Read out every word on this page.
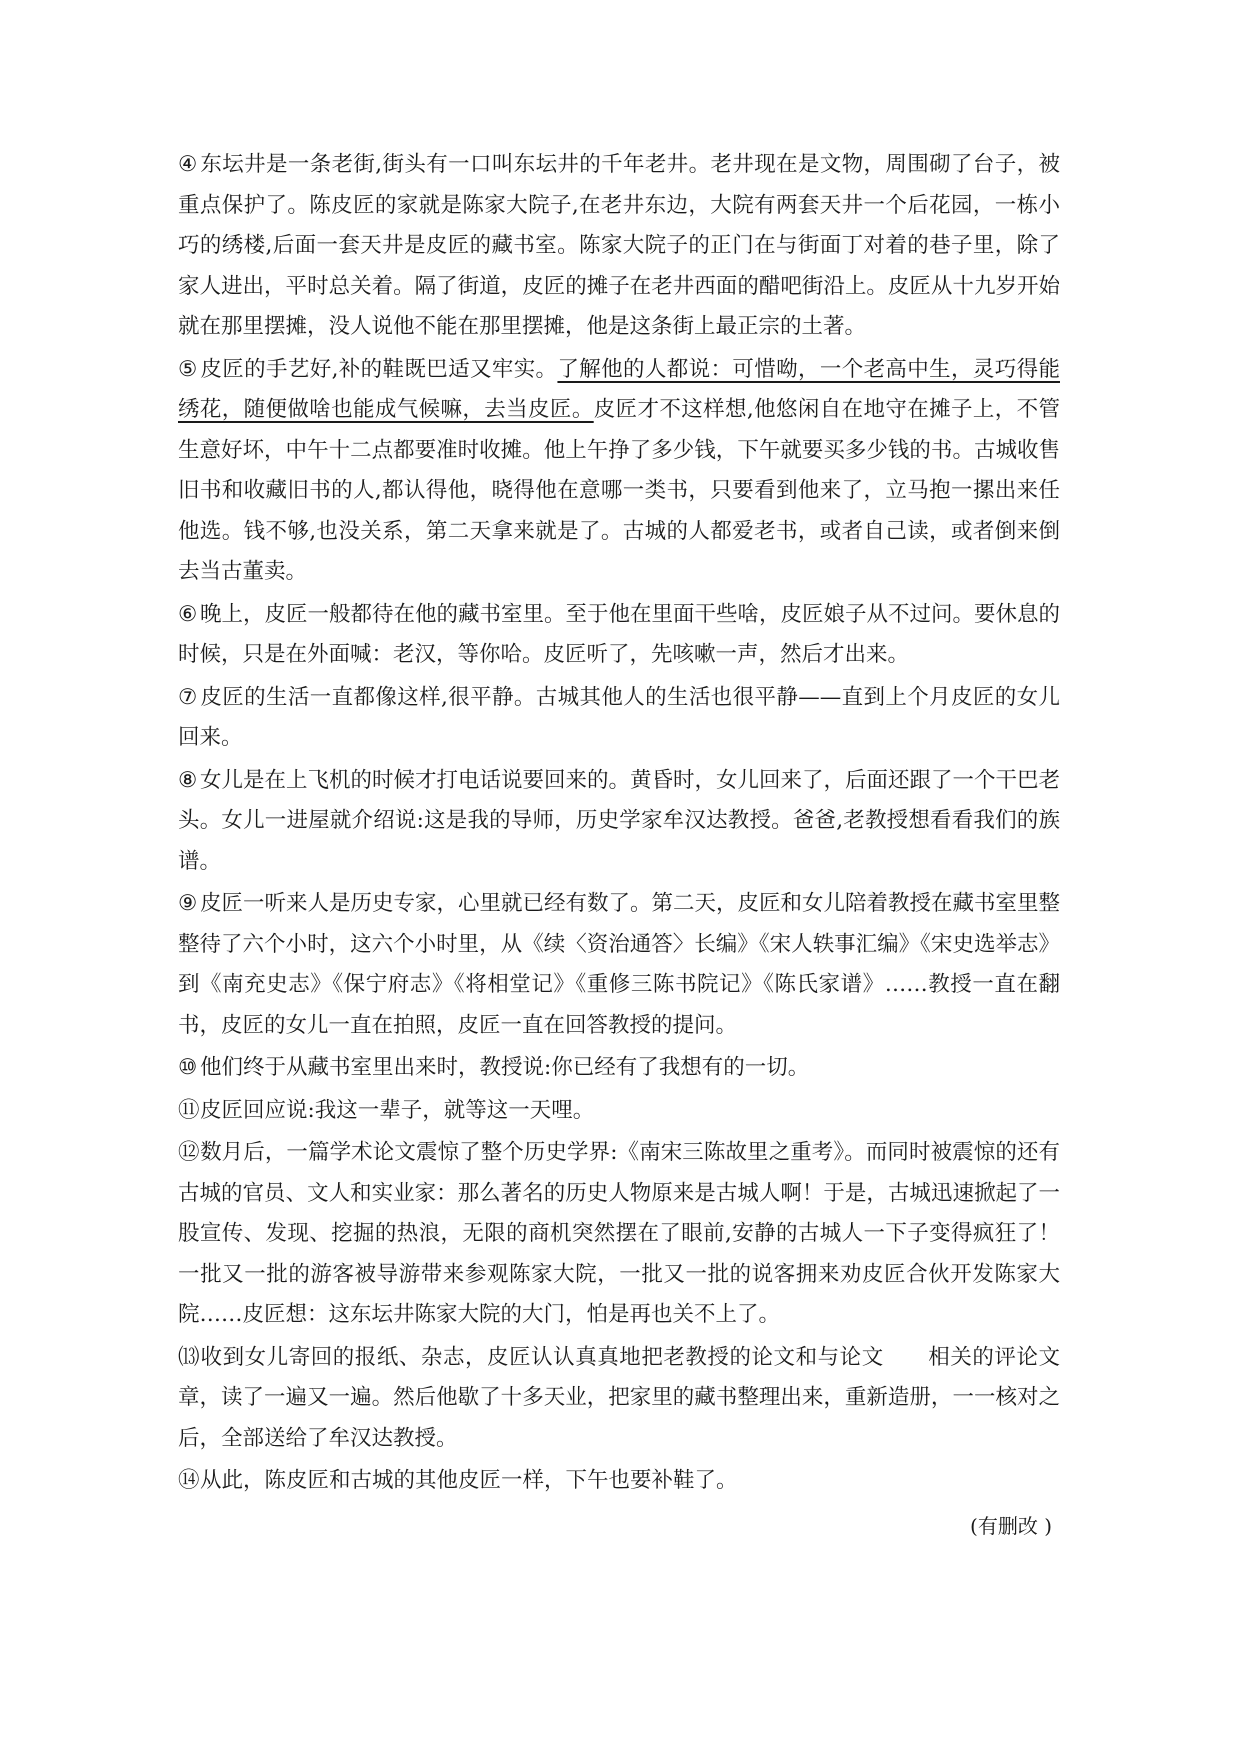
④ 东坛井是一条老街,街头有一口叫东坛井的千年老井。老井现在是文物，周围砌了台子，被重点保护了。陈皮匠的家就是陈家大院子,在老井东边，大院有两套天井一个后花园，一栋小巧的绣楼,后面一套天井是皮匠的藏书室。陈家大院子的正门在与街面丁对着的巷子里，除了家人进出，平时总关着。隔了街道，皮匠的摊子在老井西面的醋吧街沿上。皮匠从十九岁开始就在那里摆摊，没人说他不能在那里摆摊，他是这条街上最正宗的土著。

⑤ 皮匠的手艺好,补的鞋既巴适又牢实。了解他的人都说：可惜呦，一个老高中生，灵巧得能绣花，随便做啥也能成气候嘛，去当皮匠。皮匠才不这样想,他悠闲自在地守在摊子上，不管生意好坏，中午十二点都要准时收摊。他上午挣了多少钱，下午就要买多少钱的书。古城收售旧书和收藏旧书的人,都认得他，晓得他在意哪一类书，只要看到他来了，立马抱一摞出来任他选。钱不够,也没关系，第二天拿来就是了。古城的人都爱老书，或者自己读，或者倒来倒去当古董卖。

⑥ 晚上，皮匠一般都待在他的藏书室里。至于他在里面干些啥，皮匠娘子从不过问。要休息的时候，只是在外面喊：老汉，等你哈。皮匠听了，先咳嗽一声，然后才出来。

⑦ 皮匠的生活一直都像这样,很平静。古城其他人的生活也很平静——直到上个月皮匠的女儿回来。

⑧ 女儿是在上飞机的时候才打电话说要回来的。黄昏时，女儿回来了，后面还跟了一个干巴老头。女儿一进屋就介绍说:这是我的导师，历史学家牟汉达教授。爸爸,老教授想看看我们的族谱。

⑨ 皮匠一听来人是历史专家，心里就已经有数了。第二天，皮匠和女儿陪着教授在藏书室里整整待了六个小时，这六个小时里，从《续〈资治通答〉长编》《宋人轶事汇编》《宋史选举志》到《南充史志》《保宁府志》《将相堂记》《重修三陈书院记》《陈氏家谱》……教授一直在翻书，皮匠的女儿一直在拍照，皮匠一直在回答教授的提问。

⑩ 他们终于从藏书室里出来时，教授说:你已经有了我想有的一切。

⑪皮匠回应说:我这一辈子，就等这一天哩。

⑫数月后，一篇学术论文震惊了整个历史学界:《南宋三陈故里之重考》。而同时被震惊的还有古城的官员、文人和实业家：那么著名的历史人物原来是古城人啊！于是，古城迅速掀起了一股宣传、发现、挖掘的热浪，无限的商机突然摆在了眼前,安静的古城人一下子变得疯狂了！一批又一批的游客被导游带来参观陈家大院，一批又一批的说客拥来劝皮匠合伙开发陈家大院……皮匠想：这东坛井陈家大院的大门，怕是再也关不上了。

⒀收到女儿寄回的报纸、杂志，皮匠认认真真地把老教授的论文和与论文 相关的评论文章，读了一遍又一遍。然后他歇了十多天业，把家里的藏书整理出来，重新造册，一一核对之后，全部送给了牟汉达教授。

⑭从此，陈皮匠和古城的其他皮匠一样，下午也要补鞋了。

(有删改 )
